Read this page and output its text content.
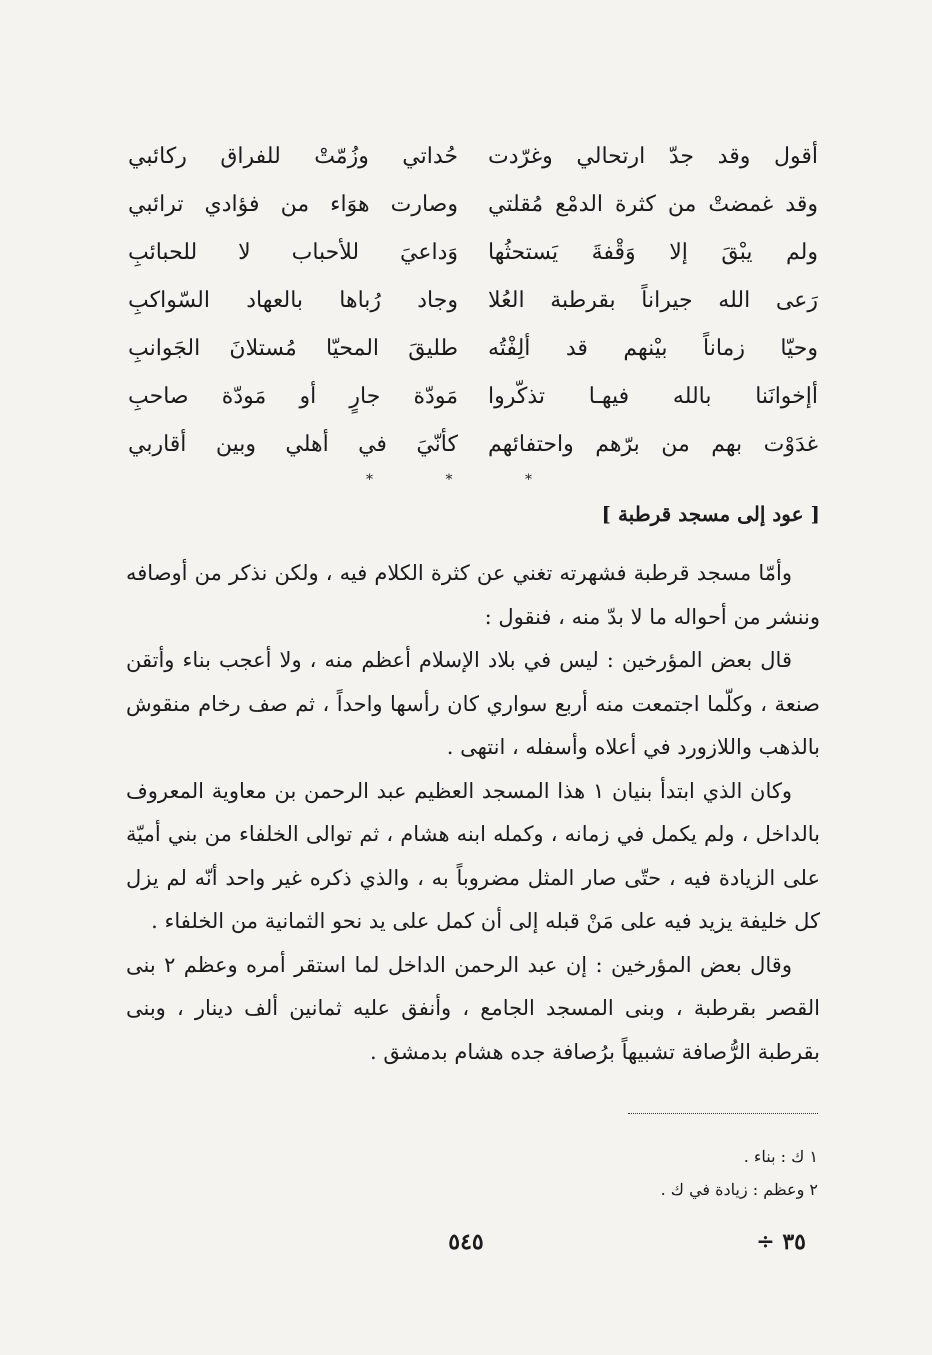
أقول وقد جدّ ارتحالي وغرّدت
حُداتي وزُمّتْ للفراق ركائبي
وقد غمضتْ من كثرة الدمْع مُقلتي
وصارت هوَاء من فؤادي ترائبي
ولم يبْقَ إلا وَقْفةَ يَستحثُها
وَداعيَ للأحباب لا للحبائبِ
رَعى الله جيراناً بقرطبة العُلا
وجاد رُباها بالعهاد السّواكبِ
وحيّا زماناً بيْنهم قد ألِفْتُه
طليقَ المحيّا مُستلانَ الجَوانبِ
أإخوانَنا بالله فيهـا تذكّروا
مَودّة جارٍ أو مَودّة صاحبِ
غدَوْت بهم من برّهم واحتفائهم
كأنّيَ في أهلي وبين أقاربي
* * *
[ عود إلى مسجد قرطبة ]

وأمّا مسجد قرطبة فشهرته تغني عن كثرة الكلام فيه ، ولكن نذكر من أوصافه وننشر من أحواله ما لا بدّ منه ، فنقول :

قال بعض المؤرخين : ليس في بلاد الإسلام أعظم منه ، ولا أعجب بناء وأتقن صنعة ، وكلّما اجتمعت منه أربع سواري كان رأسها واحداً ، ثم صف رخام منقوش بالذهب واللازورد في أعلاه وأسفله ، انتهى .

وكان الذي ابتدأ بنيان ١ هذا المسجد العظيم عبد الرحمن بن معاوية المعروف بالداخل ، ولم يكمل في زمانه ، وكمله ابنه هشام ، ثم توالى الخلفاء من بني أميّة على الزيادة فيه ، حتّى صار المثل مضروباً به ، والذي ذكره غير واحد أنّه لم يزل كل خليفة يزيد فيه على مَنْ قبله إلى أن كمل على يد نحو الثمانية من الخلفاء .

وقال بعض المؤرخين : إن عبد الرحمن الداخل لما استقر أمره وعظم ٢ بنى القصر بقرطبة ، وبنى المسجد الجامع ، وأنفق عليه ثمانين ألف دينار ، وبنى بقرطبة الرُّصافة تشبيهاً برُصافة جده هشام بدمشق .

١ ك : بناء .
٢ وعظم : زيادة في ك .
٣٥ ÷
٥٤٥
